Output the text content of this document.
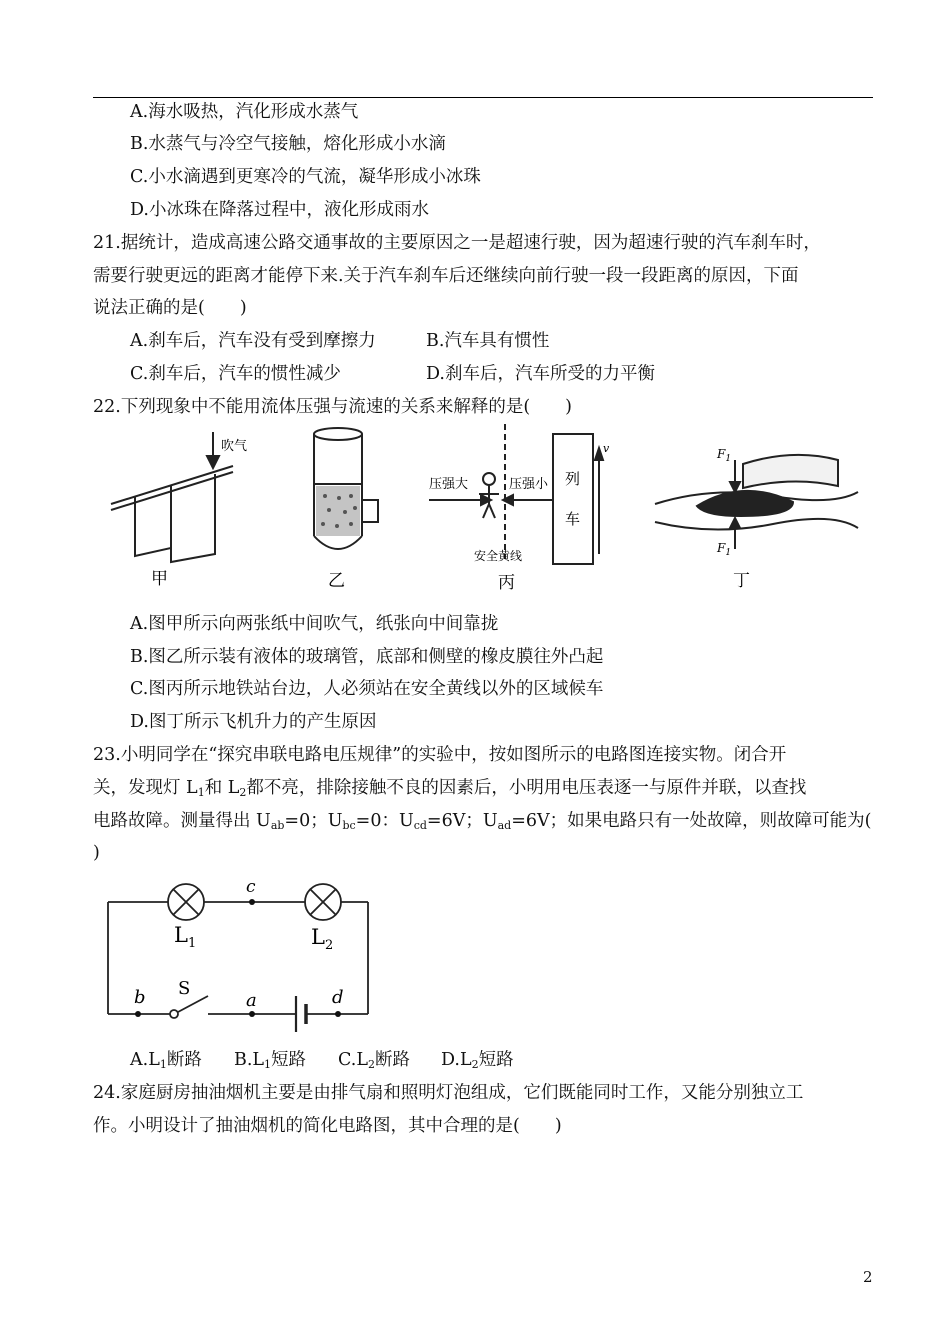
A.海水吸热，汽化形成水蒸气
B.水蒸气与冷空气接触，熔化形成小水滴
C.小水滴遇到更寒冷的气流，凝华形成小冰珠
D.小冰珠在降落过程中，液化形成雨水
21.据统计，造成高速公路交通事故的主要原因之一是超速行驶，因为超速行驶的汽车刹车时，
需要行驶更远的距离才能停下来.关于汽车刹车后还继续向前行驶一段一段距离的原因，下面
说法正确的是(　　)
A.刹车后，汽车没有受到摩擦力	B.汽车具有惯性
C.刹车后，汽车的惯性减少	D.刹车后，汽车所受的力平衡
22.下列现象中不能用流体压强与流速的关系来解释的是(　　)
吹气
甲	乙
压强大	压强小
安全黄线
列
车
v
丙
$F_1$
$F_1$
丁
A.图甲所示向两张纸中间吹气，纸张向中间靠拢
B.图乙所示装有液体的玻璃管，底部和侧壁的橡皮膜往外凸起
C.图丙所示地铁站台边，人必须站在安全黄线以外的区域候车
D.图丁所示飞机升力的产生原因
23.小明同学在“探究串联电路电压规律”的实验中，按如图所示的电路图连接实物。闭合开
关，发现灯 $L_1$和 $L_2$都不亮，排除接触不良的因素后，小明用电压表逐一与原件并联，以查找
电路故障。测量得出 $U_{ab}=0$；$U_{bc}=0$：$U_{cd}=6V$；$U_{ad}=6V$；如果电路只有一处故障，则故障可能为(
)
c
b S
a	d
$L_1$	$L_2$
$A.L_1$断路 $B.L_1$短路 $C.L_2$断路 $D.L_2$短路
24.家庭厨房抽油烟机主要是由排气扇和照明灯泡组成，它们既能同时工作，又能分别独立工
作。小明设计了抽油烟机的简化电路图，其中合理的是(　　)
2
